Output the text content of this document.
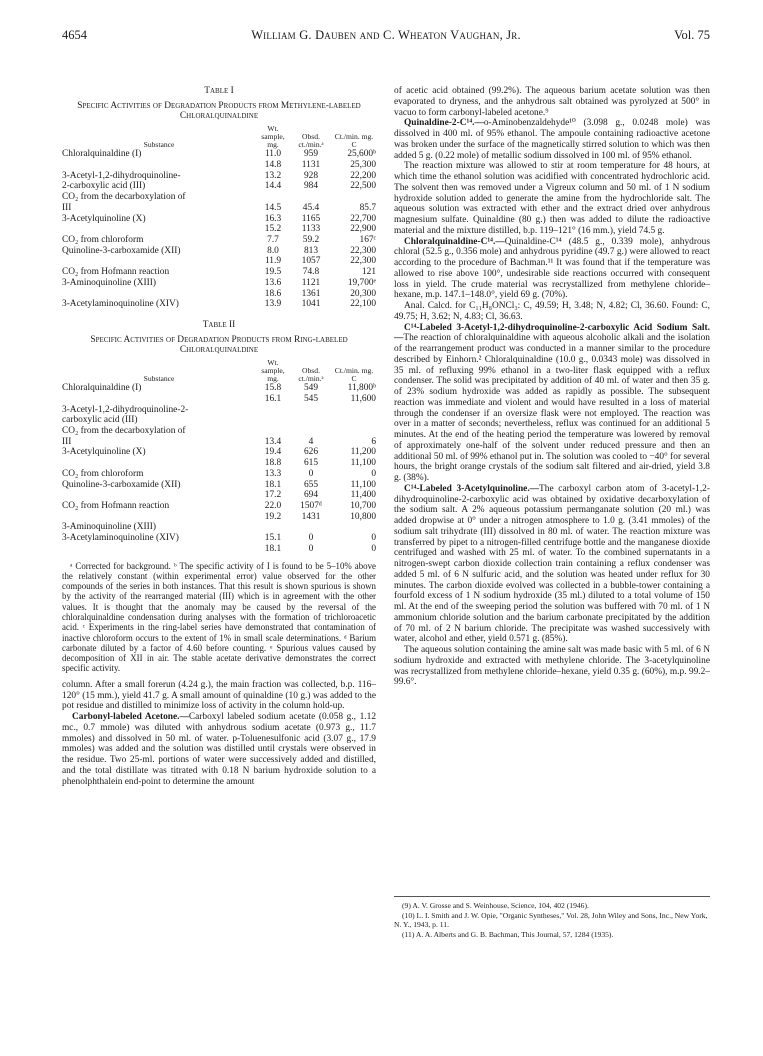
4654	William G. Dauben and C. Wheaton Vaughan, Jr.	Vol. 75

Table I

Specific Activities of Degradation Products from Methylene-labeled Chloralquinaldine

Substance	Wt. sample, mg.	Obsd. ct./min.ᵃ	Ct./min. mg. C
Chloralquinaldine (I)	11.0	959	25,600ᵇ
	14.8	1131	25,300
3-Acetyl-1,2-dihydroquinoline-	13.2	928	22,200
2-carboxylic acid (III)	14.4	984	22,500
CO₂ from the decarboxylation of			
III	14.5	45.4	85.7
3-Acetylquinoline (X)	16.3	1165	22,700
	15.2	1133	22,900
CO₂ from chloroform	7.7	59.2	167ᶜ
Quinoline-3-carboxamide (XII)	8.0	813	22,300
	11.9	1057	22,300
CO₂ from Hofmann reaction	19.5	74.8	121
3-Aminoquinoline (XIII)	13.6	1121	19,700ᵉ
	18.6	1361	20,300
3-Acetylaminoquinoline (XIV)	13.9	1041	22,100

Table II

Specific Activities of Degradation Products from Ring-labeled Chloralquinaldine

Substance	Wt. sample, mg.	Obsd. ct./min.ᵃ	Ct./min. mg. C
Chloralquinaldine (I)	15.8	549	11,800ᵇ
	16.1	545	11,600
3-Acetyl-1,2-dihydroquinoline-2-			
carboxylic acid (III)			
CO₂ from the decarboxylation of			
III	13.4	4	6
3-Acetylquinoline (X)	19.4	626	11,200
	18.8	615	11,100
CO₂ from chloroform	13.3	0	0
Quinoline-3-carboxamide (XII)	18.1	655	11,100
	17.2	694	11,400
CO₂ from Hofmann reaction	22.0	1507ᵈ	10,700
	19.2	1431	10,800
3-Aminoquinoline (XIII)			
3-Acetylaminoquinoline (XIV)	15.1	0	0
	18.1	0	0

ᵃ Corrected for background. ᵇ The specific activity of I is found to be 5–10% above the relatively constant (within experimental error) value observed for the other compounds of the series in both instances. That this result is shown spurious is shown by the activity of the rearranged material (III) which is in agreement with the other values. It is thought that the anomaly may be caused by the reversal of the chloralquinaldine condensation during analyses with the formation of trichloroacetic acid. ᶜ Experiments in the ring-label series have demonstrated that contamination of inactive chloroform occurs to the extent of 1% in small scale determinations. ᵈ Barium carbonate diluted by a factor of 4.60 before counting. ᵉ Spurious values caused by decomposition of XII in air. The stable acetate derivative demonstrates the correct specific activity.

column. After a small forerun (4.24 g.), the main fraction was collected, b.p. 116–120° (15 mm.), yield 41.7 g. A small amount of quinaldine (10 g.) was added to the pot residue and distilled to minimize loss of activity in the column hold-up.

Carbonyl-labeled Acetone.—Carboxyl labeled sodium acetate (0.058 g., 1.12 mc., 0.7 mmole) was diluted with anhydrous sodium acetate (0.973 g., 11.7 mmoles) and dissolved in 50 ml. of water. p-Toluenesulfonic acid (3.07 g., 17.9 mmoles) was added and the solution was distilled until crystals were observed in the residue. Two 25-ml. portions of water were successively added and distilled, and the total distillate was titrated with 0.18 N barium hydroxide solution to a phenolphthalein end-point to determine the amount

of acetic acid obtained (99.2%). The aqueous barium acetate solution was then evaporated to dryness, and the anhydrous salt obtained was pyrolyzed at 500° in vacuo to form carbonyl-labeled acetone.⁹

Quinaldine-2-C¹⁴.—o-Aminobenzaldehyde¹⁰ (3.098 g., 0.0248 mole) was dissolved in 400 ml. of 95% ethanol. The ampoule containing radioactive acetone was broken under the surface of the magnetically stirred solution to which was then added 5 g. (0.22 mole) of metallic sodium dissolved in 100 ml. of 95% ethanol.

The reaction mixture was allowed to stir at room temperature for 48 hours, at which time the ethanol solution was acidified with concentrated hydrochloric acid. The solvent then was removed under a Vigreux column and 50 ml. of 1 N sodium hydroxide solution added to generate the amine from the hydrochloride salt. The aqueous solution was extracted with ether and the extract dried over anhydrous magnesium sulfate. Quinaldine (80 g.) then was added to dilute the radioactive material and the mixture distilled, b.p. 119–121° (16 mm.), yield 74.5 g.

Chloralquinaldine-C¹⁴.—Quinaldine-C¹⁴ (48.5 g., 0.339 mole), anhydrous chloral (52.5 g., 0.356 mole) and anhydrous pyridine (49.7 g.) were allowed to react according to the procedure of Bachman.¹¹ It was found that if the temperature was allowed to rise above 100°, undesirable side reactions occurred with consequent loss in yield. The crude material was recrystallized from methylene chloride–hexane, m.p. 147.1–148.0°, yield 69 g. (70%).

Anal. Calcd. for C₁₁H₈ONCl₃: C, 49.59; H, 3.48; N, 4.82; Cl, 36.60. Found: C, 49.75; H, 3.62; N, 4.83; Cl, 36.63.

C¹⁴-Labeled 3-Acetyl-1,2-dihydroquinoline-2-carboxylic Acid Sodium Salt.—The reaction of chloralquinaldine with aqueous alcoholic alkali and the isolation of the rearrangement product was conducted in a manner similar to the procedure described by Einhorn.² Chloralquinaldine (10.0 g., 0.0343 mole) was dissolved in 35 ml. of refluxing 99% ethanol in a two-liter flask equipped with a reflux condenser. The solid was precipitated by addition of 40 ml. of water and then 35 g. of 23% sodium hydroxide was added as rapidly as possible. The subsequent reaction was immediate and violent and would have resulted in a loss of material through the condenser if an oversize flask were not employed. The reaction was over in a matter of seconds; nevertheless, reflux was continued for an additional 5 minutes. At the end of the heating period the temperature was lowered by removal of approximately one-half of the solvent under reduced pressure and then an additional 50 ml. of 99% ethanol put in. The solution was cooled to −40° for several hours, the bright orange crystals of the sodium salt filtered and air-dried, yield 3.8 g. (38%).

C¹⁴-Labeled 3-Acetylquinoline.—The carboxyl carbon atom of 3-acetyl-1,2-dihydroquinoline-2-carboxylic acid was obtained by oxidative decarboxylation of the sodium salt. A 2% aqueous potassium permanganate solution (20 ml.) was added dropwise at 0° under a nitrogen atmosphere to 1.0 g. (3.41 mmoles) of the sodium salt trihydrate (III) dissolved in 80 ml. of water. The reaction mixture was transferred by pipet to a nitrogen-filled centrifuge bottle and the manganese dioxide centrifuged and washed with 25 ml. of water. To the combined supernatants in a nitrogen-swept carbon dioxide collection train containing a reflux condenser was added 5 ml. of 6 N sulfuric acid, and the solution was heated under reflux for 30 minutes. The carbon dioxide evolved was collected in a bubble-tower containing a fourfold excess of 1 N sodium hydroxide (35 ml.) diluted to a total volume of 150 ml. At the end of the sweeping period the solution was buffered with 70 ml. of 1 N ammonium chloride solution and the barium carbonate precipitated by the addition of 70 ml. of 2 N barium chloride. The precipitate was washed successively with water, alcohol and ether, yield 0.571 g. (85%).

The aqueous solution containing the amine salt was made basic with 5 ml. of 6 N sodium hydroxide and extracted with methylene chloride. The 3-acetylquinoline was recrystallized from methylene chloride–hexane, yield 0.35 g. (60%), m.p. 99.2–99.6°.

(9) A. V. Grosse and S. Weinhouse, Science, 104, 402 (1946).

(10) L. I. Smith and J. W. Opie, "Organic Syntheses," Vol. 28, John Wiley and Sons, Inc., New York, N. Y., 1943, p. 11.

(11) A. A. Alberts and G. B. Bachman, This Journal, 57, 1284 (1935).
